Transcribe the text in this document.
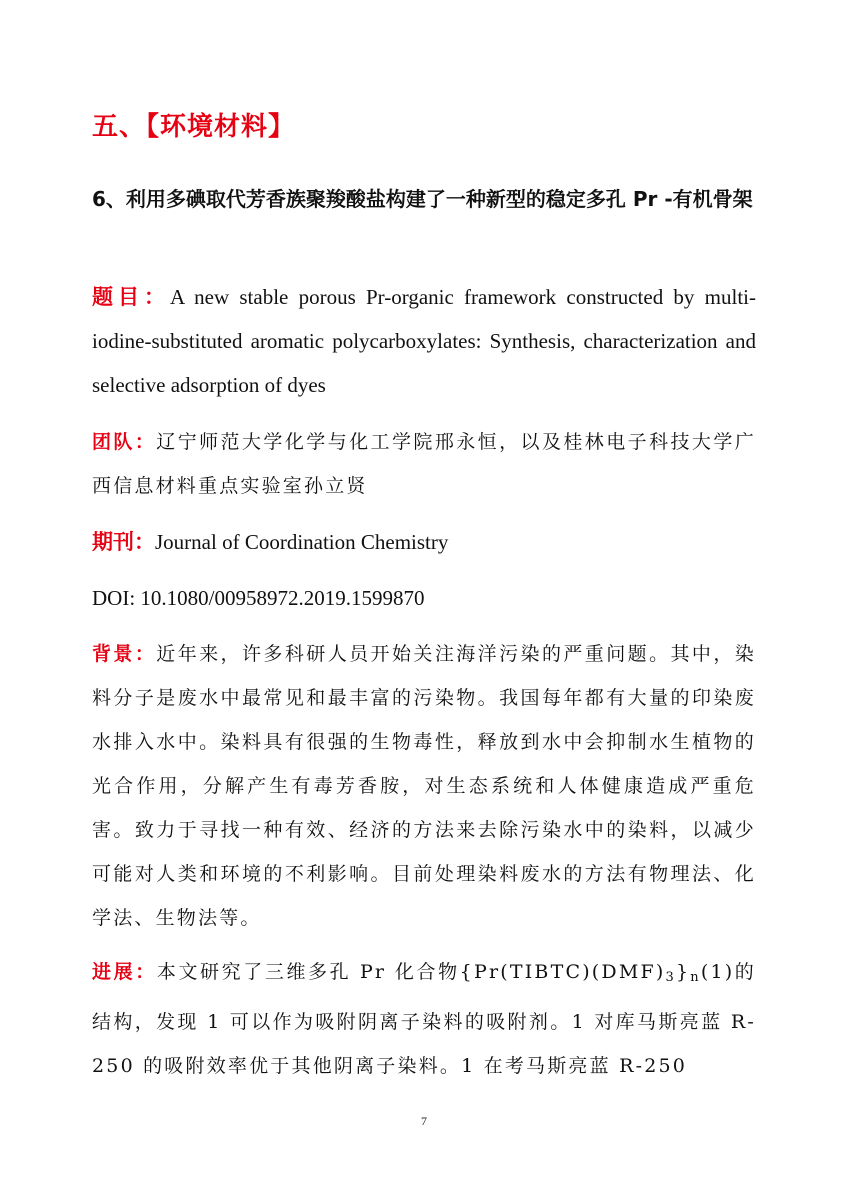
五、【环境材料】
6、利用多碘取代芳香族聚羧酸盐构建了一种新型的稳定多孔 Pr -有机骨架
题目：A new stable porous Pr-organic framework constructed by multi-iodine-substituted aromatic polycarboxylates: Synthesis, characterization and selective adsorption of dyes
团队：辽宁师范大学化学与化工学院邢永恒，以及桂林电子科技大学广西信息材料重点实验室孙立贤
期刊：Journal of Coordination Chemistry
DOI: 10.1080/00958972.2019.1599870
背景：近年来，许多科研人员开始关注海洋污染的严重问题。其中，染料分子是废水中最常见和最丰富的污染物。我国每年都有大量的印染废水排入水中。染料具有很强的生物毒性，释放到水中会抑制水生植物的光合作用，分解产生有毒芳香胺，对生态系统和人体健康造成严重危害。致力于寻找一种有效、经济的方法来去除污染水中的染料，以减少可能对人类和环境的不利影响。目前处理染料废水的方法有物理法、化学法、生物法等。
进展：本文研究了三维多孔 Pr 化合物$\{Pr(TIBTC)(DMF)_3\}_n(1)$的结构，发现 1 可以作为吸附阴离子染料的吸附剂。1 对库马斯亮蓝 R-250 的吸附效率优于其他阴离子染料。1 在考马斯亮蓝 R-250
7
